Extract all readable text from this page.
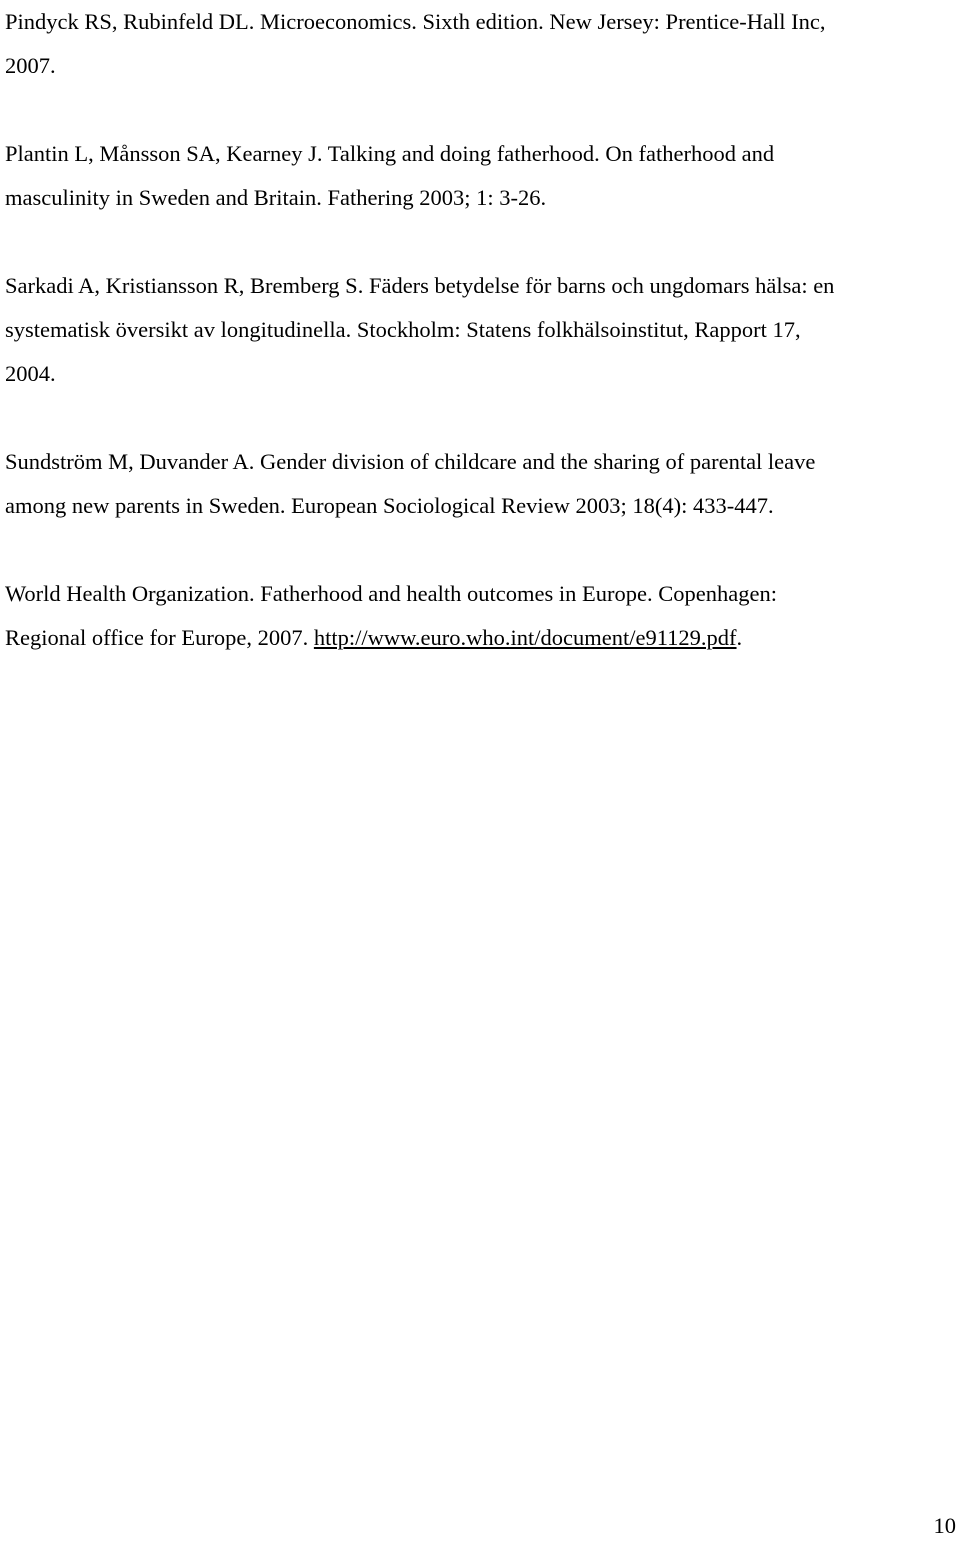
Pindyck RS, Rubinfeld DL. Microeconomics. Sixth edition. New Jersey: Prentice-Hall Inc,
2007.

Plantin L, Månsson SA, Kearney J. Talking and doing fatherhood. On fatherhood and
masculinity in Sweden and Britain. Fathering 2003; 1: 3-26.

Sarkadi A, Kristiansson R, Bremberg S. Fäders betydelse för barns och ungdomars hälsa: en
systematisk översikt av longitudinella. Stockholm: Statens folkhälsoinstitut, Rapport 17,
2004.

Sundström M, Duvander A. Gender division of childcare and the sharing of parental leave
among new parents in Sweden. European Sociological Review 2003; 18(4): 433-447.

World Health Organization. Fatherhood and health outcomes in Europe. Copenhagen:
Regional office for Europe, 2007. http://www.euro.who.int/document/e91129.pdf.

10
